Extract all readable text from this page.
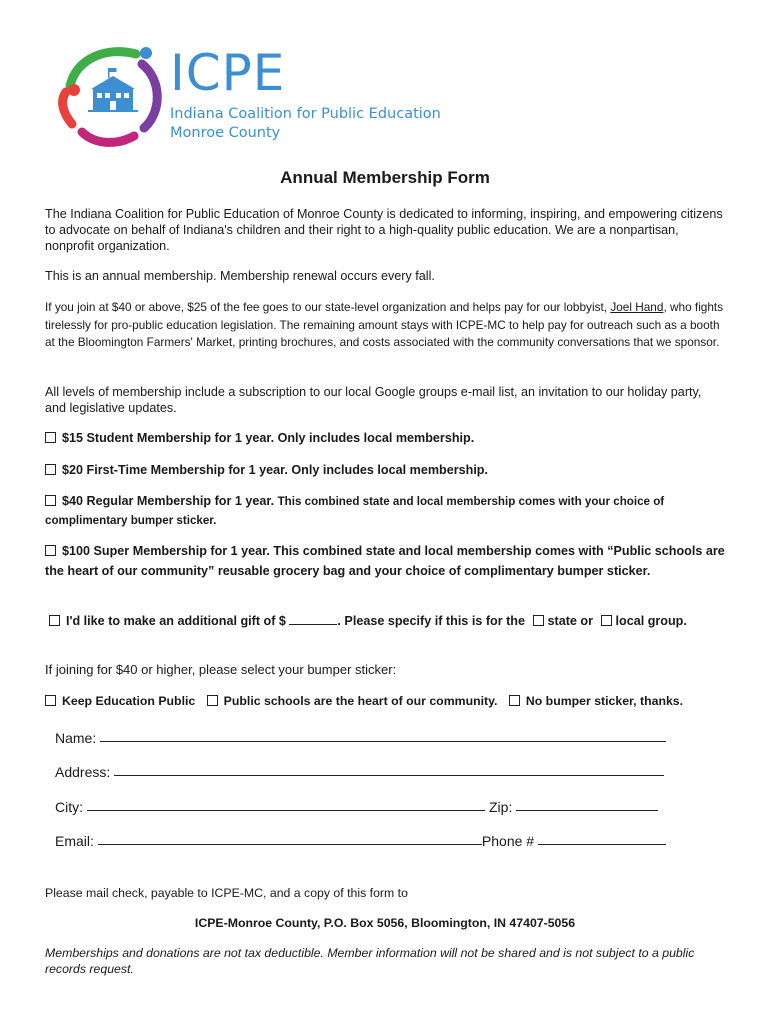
ICPE
Indiana Coalition for Public Education
Monroe County
Annual Membership Form
The Indiana Coalition for Public Education of Monroe County is dedicated to informing, inspiring, and empowering citizens to advocate on behalf of Indiana's children and their right to a high-quality public education. We are a nonpartisan, nonprofit organization.
This is an annual membership. Membership renewal occurs every fall.
If you join at $40 or above, $25 of the fee goes to our state-level organization and helps pay for our lobbyist, Joel Hand, who fights tirelessly for pro-public education legislation. The remaining amount stays with ICPE-MC to help pay for outreach such as a booth at the Bloomington Farmers' Market, printing brochures, and costs associated with the community conversations that we sponsor.
All levels of membership include a subscription to our local Google groups e-mail list, an invitation to our holiday party, and legislative updates.
$15 Student Membership for 1 year. Only includes local membership.
$20 First-Time Membership for 1 year. Only includes local membership.
$40 Regular Membership for 1 year. This combined state and local membership comes with your choice of complimentary bumper sticker.
$100 Super Membership for 1 year. This combined state and local membership comes with “Public schools are the heart of our community” reusable grocery bag and your choice of complimentary bumper sticker.
I'd like to make an additional gift of $	. Please specify if this is for the state or local group.
If joining for $40 or higher, please select your bumper sticker:
Keep Education Public Public schools are the heart of our community. No bumper sticker, thanks.
Name:
Address:
City:	Zip:
Email:	Phone #
Please mail check, payable to ICPE-MC, and a copy of this form to
ICPE-Monroe County, P.O. Box 5056, Bloomington, IN 47407-5056
Memberships and donations are not tax deductible. Member information will not be shared and is not subject to a public records request.
